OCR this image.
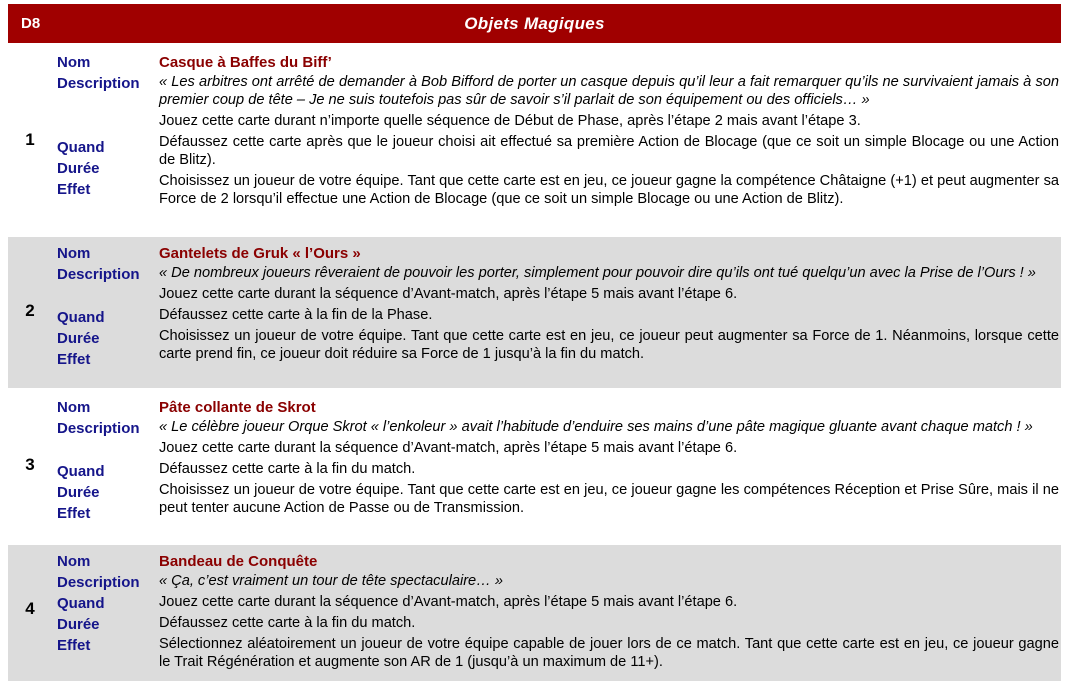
D8	Objets Magiques
1
Nom
Description
Quand
Durée
Effet

Casque à Baffes du Biff’

« Les arbitres ont arrêté de demander à Bob Bifford de porter un casque depuis qu’il leur a fait remarquer qu’ils ne survivaient jamais à son premier coup de tête – Je ne suis toutefois pas sûr de savoir s’il parlait de son équipement ou des officiels… »

Jouez cette carte durant n’importe quelle séquence de Début de Phase, après l’étape 2 mais avant l’étape 3.

Défaussez cette carte après que le joueur choisi ait effectué sa première Action de Blocage (que ce soit un simple Blocage ou une Action de Blitz).

Choisissez un joueur de votre équipe. Tant que cette carte est en jeu, ce joueur gagne la compétence Châtaigne (+1) et peut augmenter sa Force de 2 lorsqu’il effectue une Action de Blocage (que ce soit un simple Blocage ou une Action de Blitz).

2
Nom
Description
Quand
Durée
Effet

Gantelets de Gruk « l’Ours »

« De nombreux joueurs rêveraient de pouvoir les porter, simplement pour pouvoir dire qu’ils ont tué quelqu’un avec la Prise de l’Ours ! »

Jouez cette carte durant la séquence d’Avant-match, après l’étape 5 mais avant l’étape 6.

Défaussez cette carte à la fin de la Phase.

Choisissez un joueur de votre équipe. Tant que cette carte est en jeu, ce joueur peut augmenter sa Force de 1. Néanmoins, lorsque cette carte prend fin, ce joueur doit réduire sa Force de 1 jusqu’à la fin du match.

3
Nom
Description
Quand
Durée
Effet

Pâte collante de Skrot

« Le célèbre joueur Orque Skrot « l’enkoleur » avait l’habitude d’enduire ses mains d’une pâte magique gluante avant chaque match ! »

Jouez cette carte durant la séquence d’Avant-match, après l’étape 5 mais avant l’étape 6.

Défaussez cette carte à la fin du match.

Choisissez un joueur de votre équipe. Tant que cette carte est en jeu, ce joueur gagne les compétences Réception et Prise Sûre, mais il ne peut tenter aucune Action de Passe ou de Transmission.

4
Nom
Description
Quand
Durée
Effet

Bandeau de Conquête

« Ça, c’est vraiment un tour de tête spectaculaire… »

Jouez cette carte durant la séquence d’Avant-match, après l’étape 5 mais avant l’étape 6.

Défaussez cette carte à la fin du match.

Sélectionnez aléatoirement un joueur de votre équipe capable de jouer lors de ce match. Tant que cette carte est en jeu, ce joueur gagne le Trait Régénération et augmente son AR de 1 (jusqu’à un maximum de 11+).
